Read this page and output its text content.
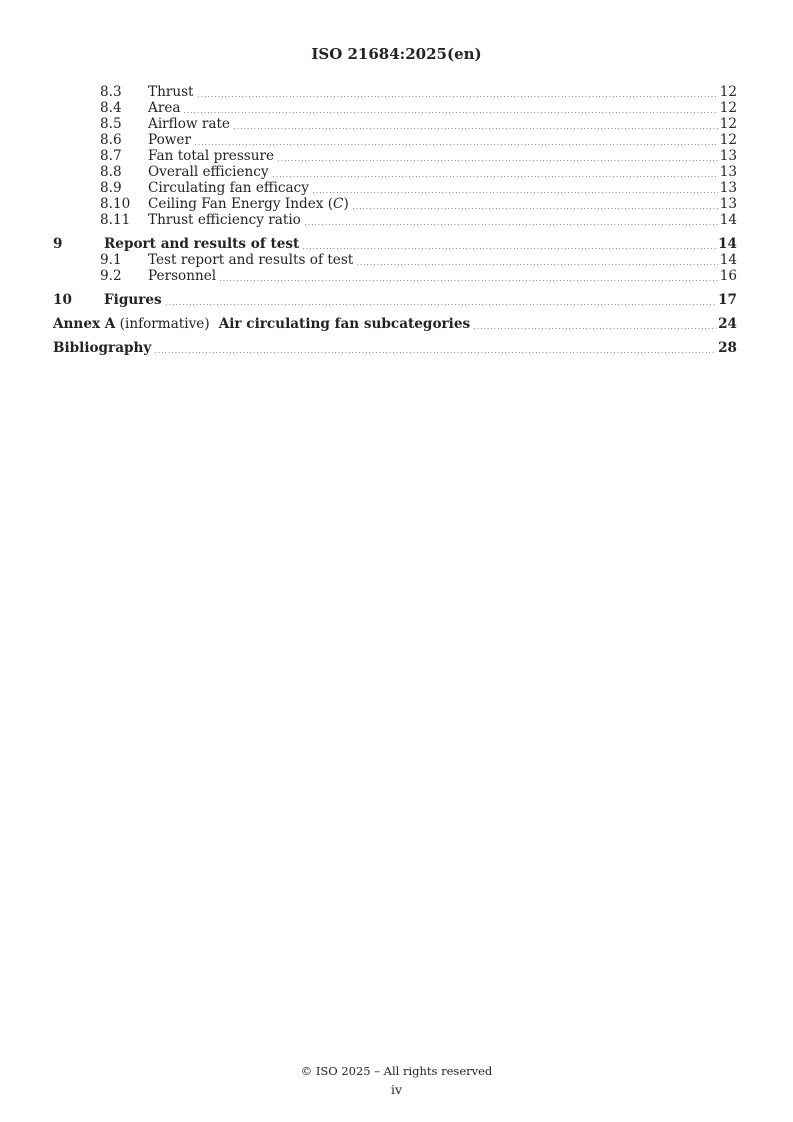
ISO 21684:2025(en)
8.3	Thrust	12
8.4	Area	12
8.5	Airflow rate	12
8.6	Power	12
8.7	Fan total pressure	13
8.8	Overall efficiency	13
8.9	Circulating fan efficacy	13
8.10	Ceiling Fan Energy Index (C)	13
8.11	Thrust efficiency ratio	14
9	Report and results of test	14
9.1	Test report and results of test	14
9.2	Personnel	16
10	Figures	17
Annex A (informative)  Air circulating fan subcategories	24
Bibliography	28
© ISO 2025 – All rights reserved
iv
